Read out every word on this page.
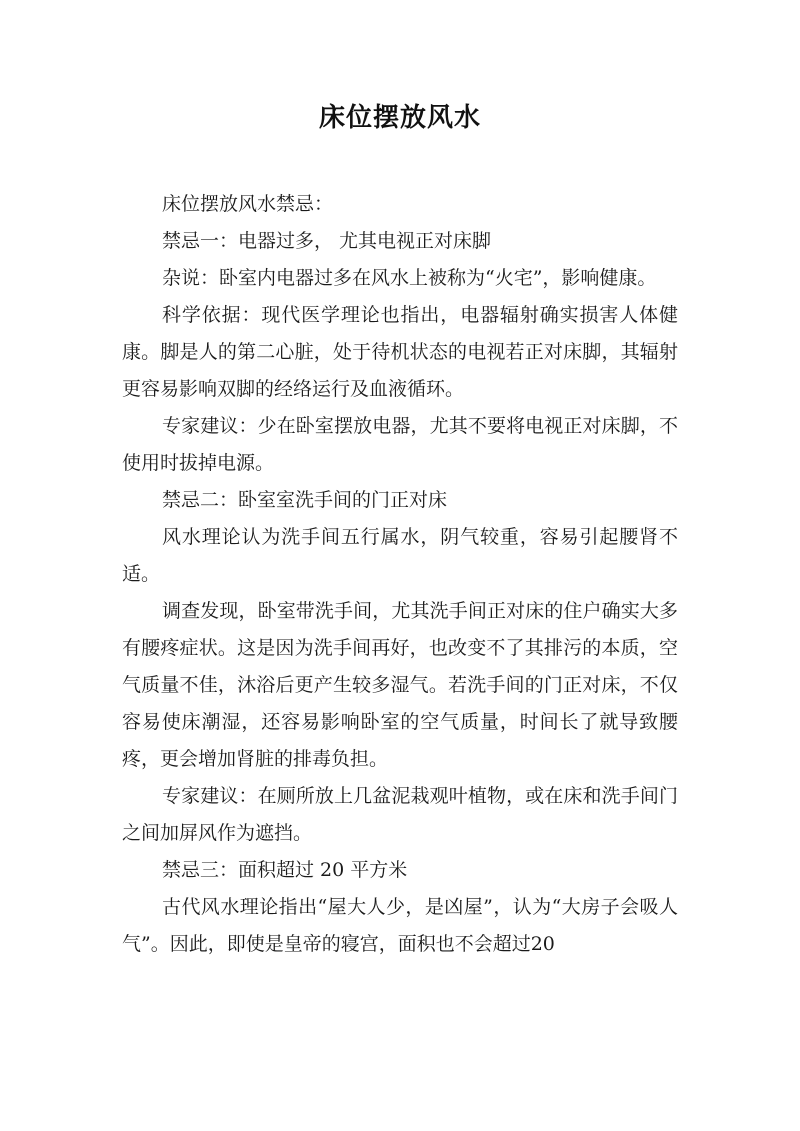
床位摆放风水

床位摆放风水禁忌：

禁忌一：电器过多， 尤其电视正对床脚

杂说：卧室内电器过多在风水上被称为“火宅”，影响健康。

科学依据：现代医学理论也指出，电器辐射确实损害人体健康。脚是人的第二心脏，处于待机状态的电视若正对床脚，其辐射更容易影响双脚的经络运行及血液循环。

专家建议：少在卧室摆放电器，尤其不要将电视正对床脚，不使用时拔掉电源。

禁忌二：卧室室洗手间的门正对床

风水理论认为洗手间五行属水，阴气较重，容易引起腰肾不适。

调查发现，卧室带洗手间，尤其洗手间正对床的住户确实大多有腰疼症状。这是因为洗手间再好，也改变不了其排污的本质，空气质量不佳，沐浴后更产生较多湿气。若洗手间的门正对床，不仅容易使床潮湿，还容易影响卧室的空气质量，时间长了就导致腰疼，更会增加肾脏的排毒负担。

专家建议：在厕所放上几盆泥栽观叶植物，或在床和洗手间门之间加屏风作为遮挡。

禁忌三：面积超过 20 平方米

古代风水理论指出“屋大人少，是凶屋”，认为“大房子会吸人气”。因此，即使是皇帝的寝宫，面积也不会超过20
